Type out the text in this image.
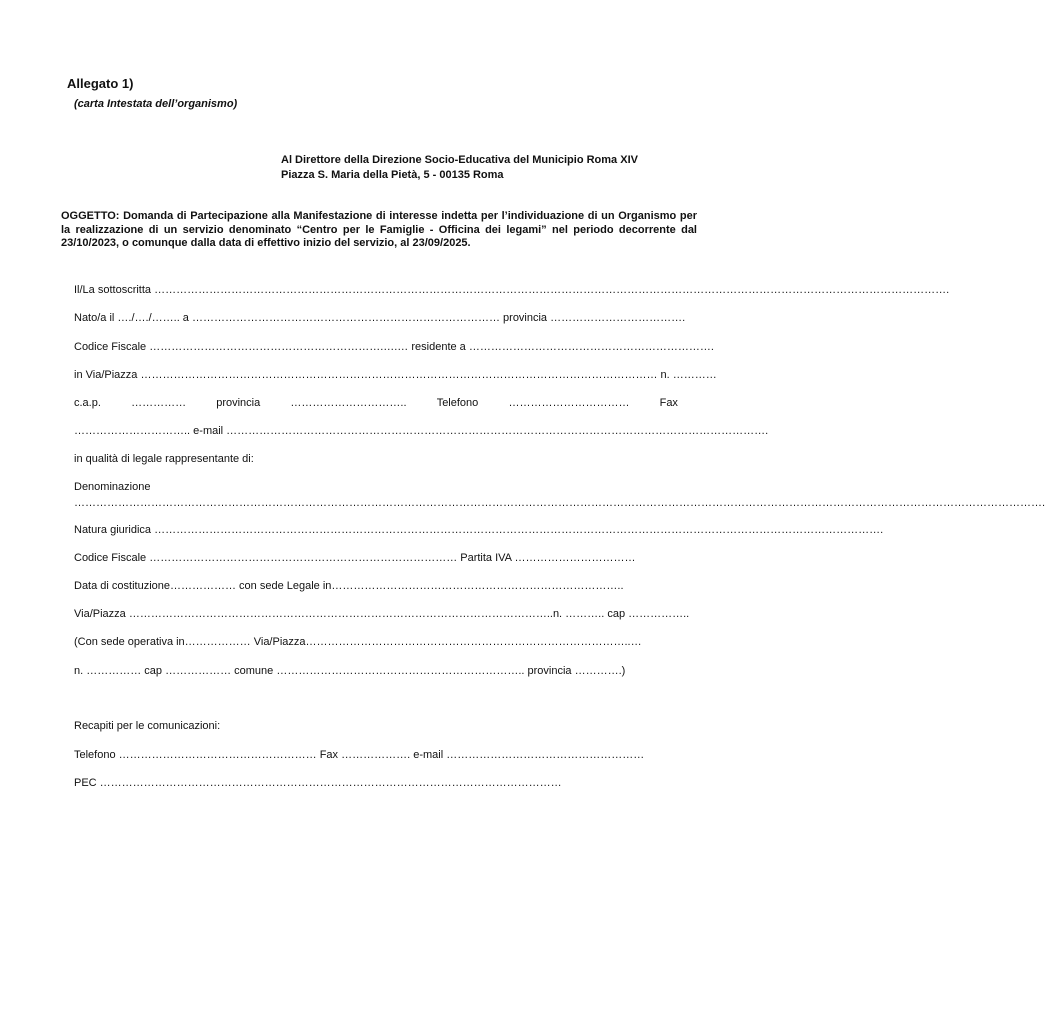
Allegato 1)
(carta Intestata dell’organismo)
Al Direttore della Direzione Socio-Educativa del Municipio Roma XIV
Piazza S. Maria della Pietà, 5 - 00135 Roma
OGGETTO: Domanda di Partecipazione alla Manifestazione di interesse indetta per l’individuazione di un Organismo per la realizzazione di un servizio denominato “Centro per le Famiglie - Officina dei legami” nel periodo decorrente dal 23/10/2023, o comunque dalla data di effettivo inizio del servizio, al 23/09/2025.
Il/La sottoscritta ……………………………………………………………………………………………………………………………………………………………………………………………….
Nato/a il …./…./…….. a ………………………………………………………………………… provincia ……………………………….
Codice Fiscale ……………………………………………………….….… residente a ………………………………………………………….
in Via/Piazza …………………………………………………………………………………………………………………………… n. …………
c.a.p.	……………	provincia	…………………………..	Telefono	……………………………	Fax
………………………….. e-mail ………………………………………………………………………………………………………………………………….
in qualità di legale rappresentante di:
Denominazione
………………………………………………………………………………………………………………………………………………………………………………………………………………………………………….
Natura giuridica ……………………………………………………………………………………………………………………………………………………………………………….
Codice Fiscale ………………………………………………………………………… Partita IVA ……………………………
Data di costituzione……………… con sede Legale in……………………………………………………………………..
Via/Piazza ……………………………………………………………………………………………………..n. ……….. cap ……………..
(Con sede operativa in……………… Via/Piazza……………………………………………………………………………..…
n. …………… cap ……………… comune ………………………………………………………….. provincia ………….)
Recapiti per le comunicazioni:
Telefono ……………………………………………… Fax ………………. e-mail ………………………………………………
PEC ………………………………………………………………………………………………………………
